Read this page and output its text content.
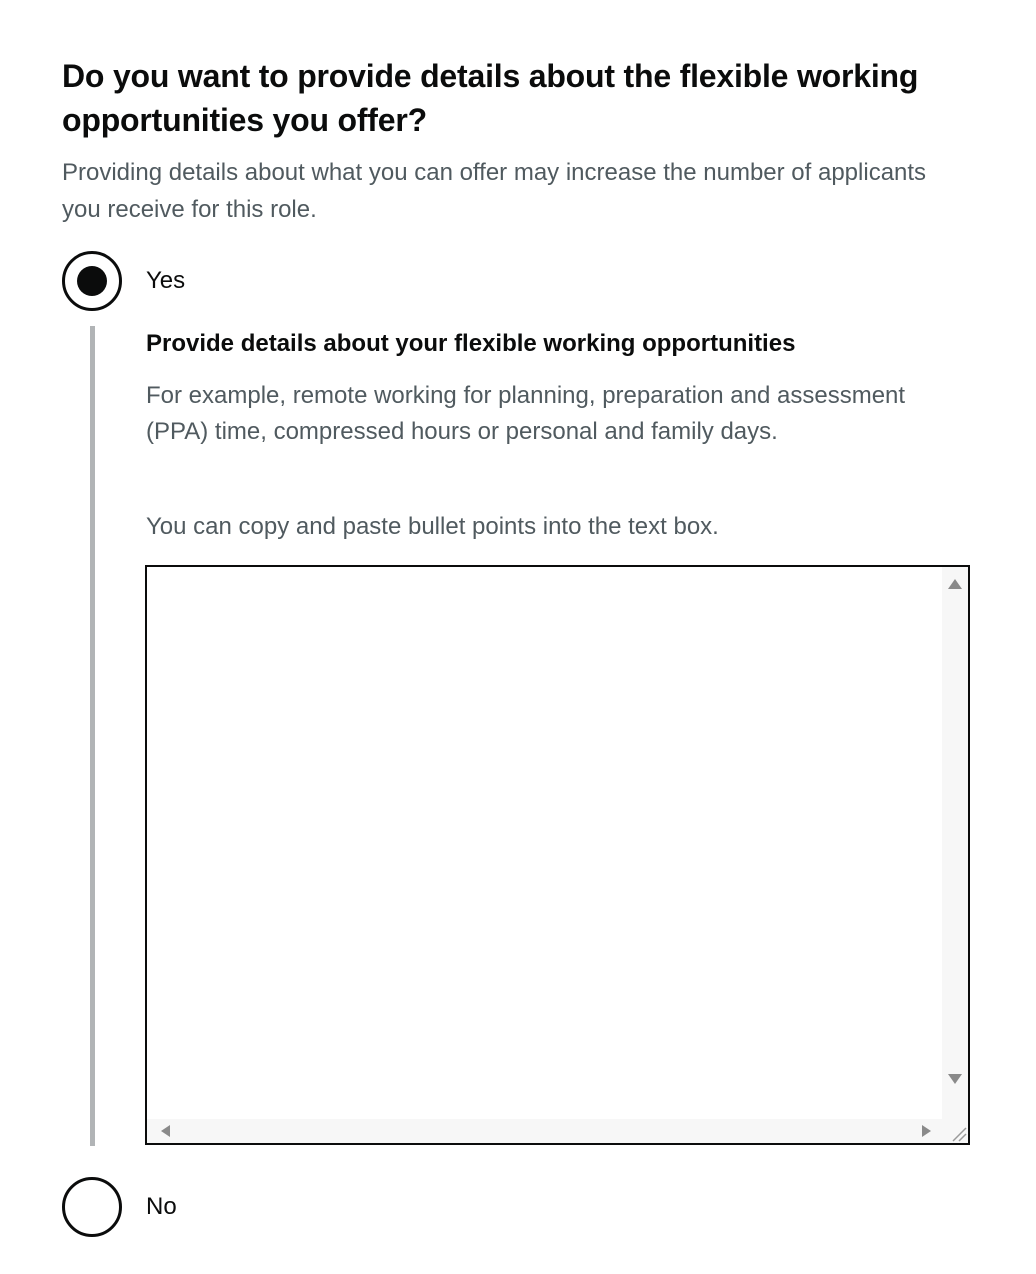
Do you want to provide details about the flexible working opportunities you offer?

Providing details about what you can offer may increase the number of applicants you receive for this role.

Yes

Provide details about your flexible working opportunities

For example, remote working for planning, preparation and assessment (PPA) time, compressed hours or personal and family days.

You can copy and paste bullet points into the text box.

No
